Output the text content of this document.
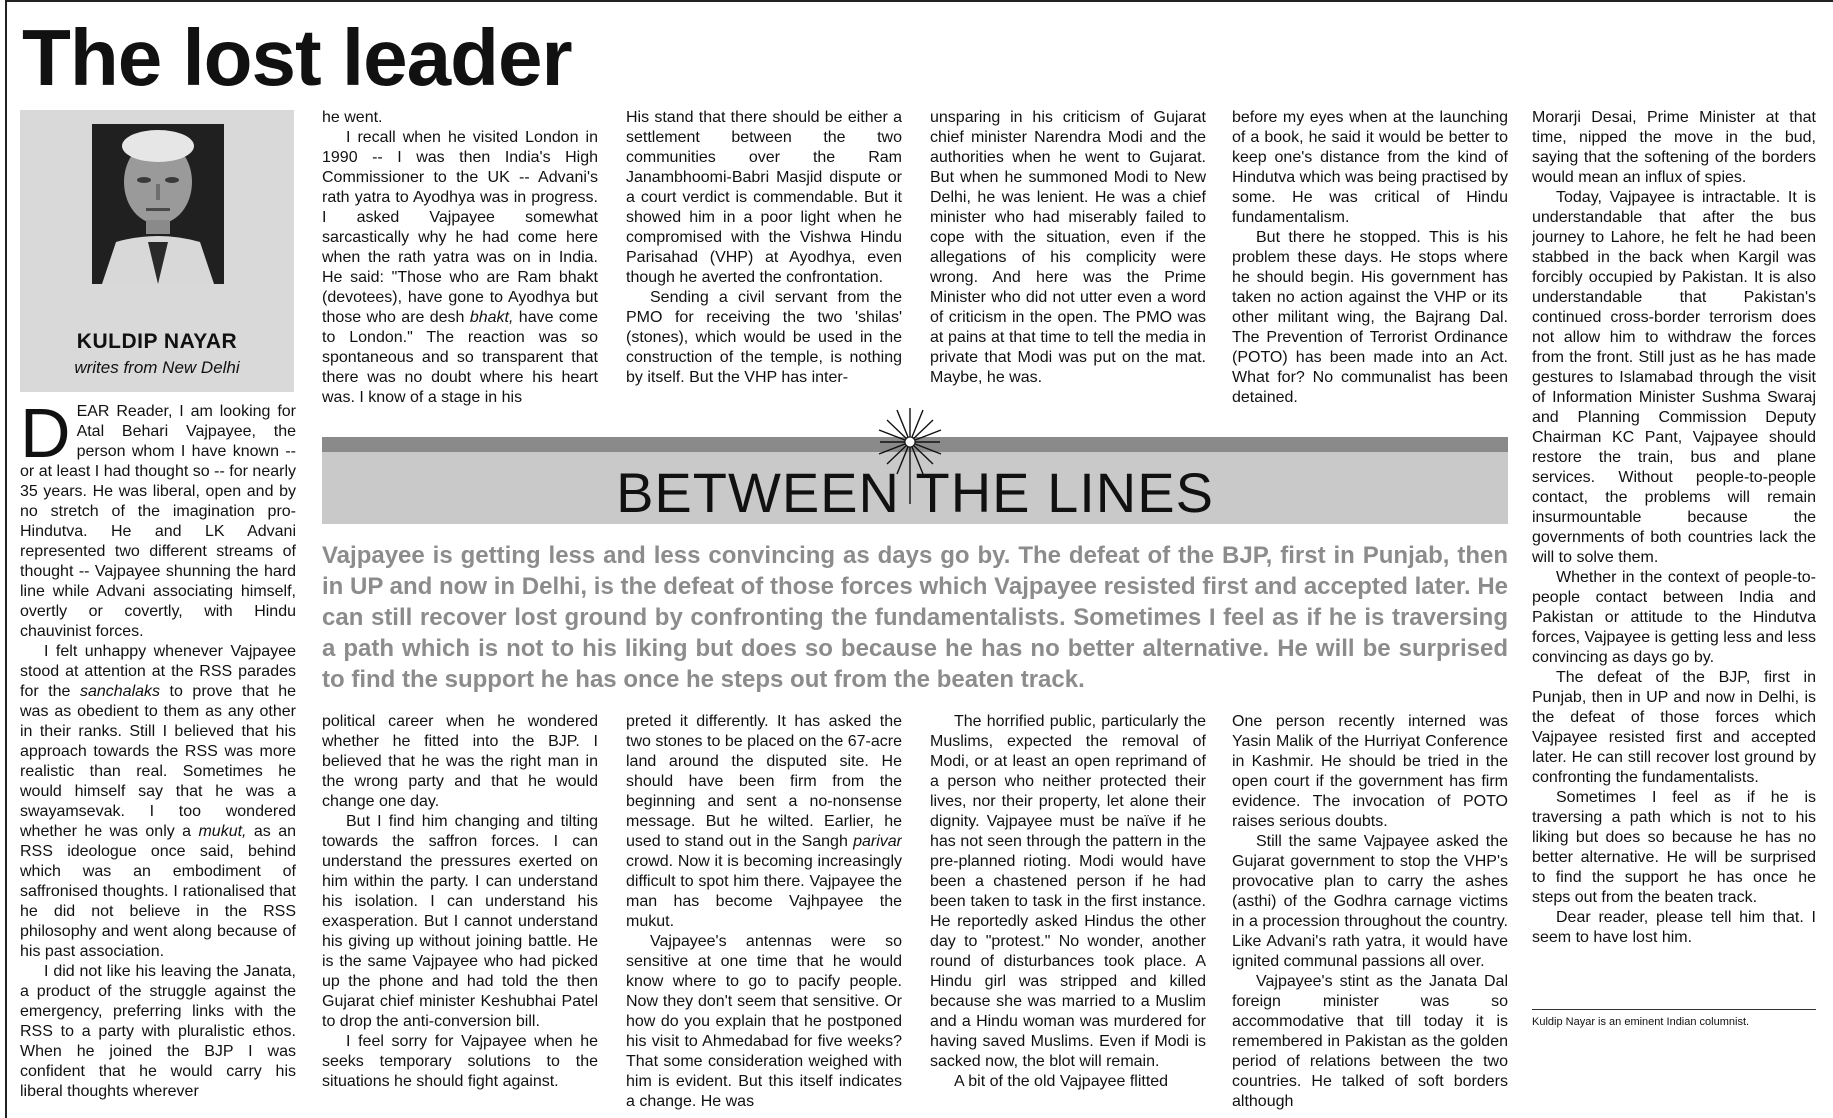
The lost leader

KULDIP NAYAR

writes from New Delhi

DEAR Reader, I am looking for Atal Behari Vajpayee, the person whom I have known -- or at least I had thought so -- for nearly 35 years. He was liberal, open and by no stretch of the imagination pro-Hindutva. He and LK Advani represented two different streams of thought -- Vajpayee shunning the hard line while Advani associating himself, overtly or covertly, with Hindu chauvinist forces.

I felt unhappy whenever Vajpayee stood at attention at the RSS parades for the sanchalaks to prove that he was as obedient to them as any other in their ranks. Still I believed that his approach towards the RSS was more realistic than real. Sometimes he would himself say that he was a swayamsevak. I too wondered whether he was only a mukut, as an RSS ideologue once said, behind which was an embodiment of saffronised thoughts. I rationalised that he did not believe in the RSS philosophy and went along because of his past association.

I did not like his leaving the Janata, a product of the struggle against the emergency, preferring links with the RSS to a party with pluralistic ethos. When he joined the BJP I was confident that he would carry his liberal thoughts wherever

he went.

I recall when he visited London in 1990 -- I was then India's High Commissioner to the UK -- Advani's rath yatra to Ayodhya was in progress. I asked Vajpayee somewhat sarcastically why he had come here when the rath yatra was on in India. He said: "Those who are Ram bhakt (devotees), have gone to Ayodhya but those who are desh bhakt, have come to London." The reaction was so spontaneous and so transparent that there was no doubt where his heart was. I know of a stage in his

His stand that there should be either a settlement between the two communities over the Ram Janambhoomi-Babri Masjid dispute or a court verdict is commendable. But it showed him in a poor light when he compromised with the Vishwa Hindu Parisahad (VHP) at Ayodhya, even though he averted the confrontation.

Sending a civil servant from the PMO for receiving the two 'shilas' (stones), which would be used in the construction of the temple, is nothing by itself. But the VHP has inter-

unsparing in his criticism of Gujarat chief minister Narendra Modi and the authorities when he went to Gujarat. But when he summoned Modi to New Delhi, he was lenient. He was a chief minister who had miserably failed to cope with the situation, even if the allegations of his complicity were wrong. And here was the Prime Minister who did not utter even a word of criticism in the open. The PMO was at pains at that time to tell the media in private that Modi was put on the mat. Maybe, he was.

before my eyes when at the launching of a book, he said it would be better to keep one's distance from the kind of Hindutva which was being practised by some. He was critical of Hindu fundamentalism.

But there he stopped. This is his problem these days. He stops where he should begin. His government has taken no action against the VHP or its other militant wing, the Bajrang Dal. The Prevention of Terrorist Ordinance (POTO) has been made into an Act. What for? No communalist has been detained.

BETWEEN THE LINES

Vajpayee is getting less and less convincing as days go by. The defeat of the BJP, first in Punjab, then in UP and now in Delhi, is the defeat of those forces which Vajpayee resisted first and accepted later. He can still recover lost ground by confronting the fundamentalists. Sometimes I feel as if he is traversing a path which is not to his liking but does so because he has no better alternative. He will be surprised to find the support he has once he steps out from the beaten track.

political career when he wondered whether he fitted into the BJP. I believed that he was the right man in the wrong party and that he would change one day.

But I find him changing and tilting towards the saffron forces. I can understand the pressures exerted on him within the party. I can understand his isolation. I can understand his exasperation. But I cannot understand his giving up without joining battle. He is the same Vajpayee who had picked up the phone and had told the then Gujarat chief minister Keshubhai Patel to drop the anti-conversion bill.

I feel sorry for Vajpayee when he seeks temporary solutions to the situations he should fight against.

preted it differently. It has asked the two stones to be placed on the 67-acre land around the disputed site. He should have been firm from the beginning and sent a no-nonsense message. But he wilted. Earlier, he used to stand out in the Sangh parivar crowd. Now it is becoming increasingly difficult to spot him there. Vajpayee the man has become Vajhpayee the mukut.

Vajpayee's antennas were so sensitive at one time that he would know where to go to pacify people. Now they don't seem that sensitive. Or how do you explain that he postponed his visit to Ahmedabad for five weeks? That some consideration weighed with him is evident. But this itself indicates a change. He was

The horrified public, particularly the Muslims, expected the removal of Modi, or at least an open reprimand of a person who neither protected their lives, nor their property, let alone their dignity. Vajpayee must be naïve if he has not seen through the pattern in the pre-planned rioting. Modi would have been a chastened person if he had been taken to task in the first instance. He reportedly asked Hindus the other day to "protest." No wonder, another round of disturbances took place. A Hindu girl was stripped and killed because she was married to a Muslim and a Hindu woman was murdered for having saved Muslims. Even if Modi is sacked now, the blot will remain.

A bit of the old Vajpayee flitted

One person recently interned was Yasin Malik of the Hurriyat Conference in Kashmir. He should be tried in the open court if the government has firm evidence. The invocation of POTO raises serious doubts.

Still the same Vajpayee asked the Gujarat government to stop the VHP's provocative plan to carry the ashes (asthi) of the Godhra carnage victims in a procession throughout the country. Like Advani's rath yatra, it would have ignited communal passions all over.

Vajpayee's stint as the Janata Dal foreign minister was so accommodative that till today it is remembered in Pakistan as the golden period of relations between the two countries. He talked of soft borders although

Morarji Desai, Prime Minister at that time, nipped the move in the bud, saying that the softening of the borders would mean an influx of spies.

Today, Vajpayee is intractable. It is understandable that after the bus journey to Lahore, he felt he had been stabbed in the back when Kargil was forcibly occupied by Pakistan. It is also understandable that Pakistan's continued cross-border terrorism does not allow him to withdraw the forces from the front. Still just as he has made gestures to Islamabad through the visit of Information Minister Sushma Swaraj and Planning Commission Deputy Chairman KC Pant, Vajpayee should restore the train, bus and plane services. Without people-to-people contact, the problems will remain insurmountable because the governments of both countries lack the will to solve them.

Whether in the context of people-to-people contact between India and Pakistan or attitude to the Hindutva forces, Vajpayee is getting less and less convincing as days go by.

The defeat of the BJP, first in Punjab, then in UP and now in Delhi, is the defeat of those forces which Vajpayee resisted first and accepted later. He can still recover lost ground by confronting the fundamentalists.

Sometimes I feel as if he is traversing a path which is not to his liking but does so because he has no better alternative. He will be surprised to find the support he has once he steps out from the beaten track.

Dear reader, please tell him that. I seem to have lost him.

Kuldip Nayar is an eminent Indian columnist.
